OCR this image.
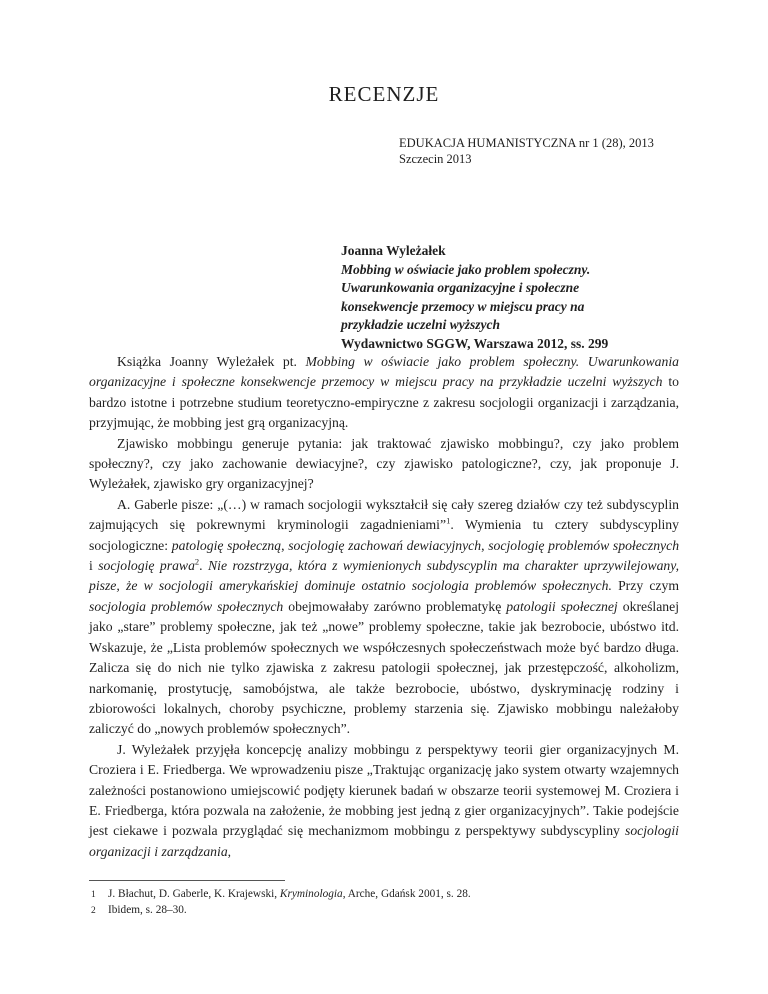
RECENZJE
EDUKACJA HUMANISTYCZNA nr 1 (28), 2013
Szczecin 2013
Joanna Wyleżałek
Mobbing w oświacie jako problem społeczny.
Uwarunkowania organizacyjne i społeczne
konsekwencje przemocy w miejscu pracy na
przykładzie uczelni wyższych
Wydawnictwo SGGW, Warszawa 2012, ss. 299

Książka Joanny Wyleżałek pt. Mobbing w oświacie jako problem społeczny. Uwarunkowania organizacyjne i społeczne konsekwencje przemocy w miejscu pracy na przykładzie uczelni wyższych to bardzo istotne i potrzebne studium teoretyczno-empiryczne z zakresu socjologii organizacji i zarządzania, przyjmując, że mobbing jest grą organizacyjną.

Zjawisko mobbingu generuje pytania: jak traktować zjawisko mobbingu?, czy jako problem społeczny?, czy jako zachowanie dewiacyjne?, czy zjawisko patologiczne?, czy, jak proponuje J. Wyleżałek, zjawisko gry organizacyjnej?

A. Gaberle pisze: „(…) w ramach socjologii wykształcił się cały szereg działów czy też subdyscyplin zajmujących się pokrewnymi kryminologii zagadnieniami”$^1$. Wymienia tu cztery subdyscypliny socjologiczne: patologię społeczną, socjologię zachowań dewiacyjnych, socjologię problemów społecznych i socjologię prawa$^2$. Nie rozstrzyga, która z wymienionych subdyscyplin ma charakter uprzywilejowany, pisze, że w socjologii amerykańskiej dominuje ostatnio socjologia problemów społecznych. Przy czym socjologia problemów społecznych obejmowałaby zarówno problematykę patologii społecznej określanej jako „stare” problemy społeczne, jak też „nowe” problemy społeczne, takie jak bezrobocie, ubóstwo itd. Wskazuje, że „Lista problemów społecznych we współczesnych społeczeństwach może być bardzo długa. Zalicza się do nich nie tylko zjawiska z zakresu patologii społecznej, jak przestępczość, alkoholizm, narkomanię, prostytucję, samobójstwa, ale także bezrobocie, ubóstwo, dyskryminację rodziny i zbiorowości lokalnych, choroby psychiczne, problemy starzenia się. Zjawisko mobbingu należałoby zaliczyć do „nowych problemów społecznych”.

J. Wyleżałek przyjęła koncepcję analizy mobbingu z perspektywy teorii gier organizacyjnych M. Croziera i E. Friedberga. We wprowadzeniu pisze „Traktując organizację jako system otwarty wzajemnych zależności postanowiono umiejscowić podjęty kierunek badań w obszarze teorii systemowej M. Croziera i E. Friedberga, która pozwala na założenie, że mobbing jest jedną z gier organizacyjnych”. Takie podejście jest ciekawe i pozwala przyglądać się mechanizmom mobbingu z perspektywy subdyscypliny socjologii organizacji i zarządzania,

1	J. Błachut, D. Gaberle, K. Krajewski, Kryminologia, Arche, Gdańsk 2001, s. 28.
2	Ibidem, s. 28–30.
